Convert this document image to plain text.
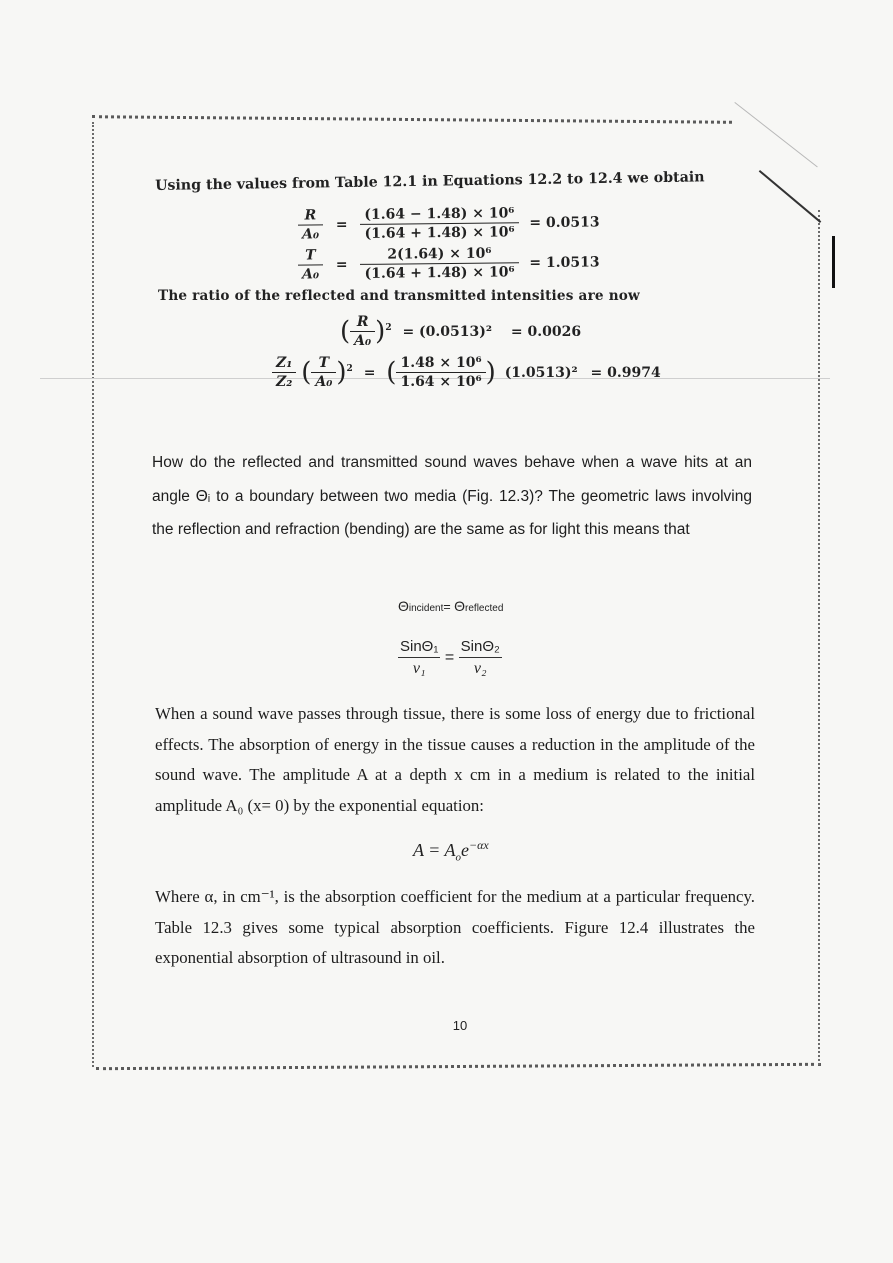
Using the values from Table 12.1 in Equations 12.2 to 12.4 we obtain
$\frac{R}{\text{A₀}} = \frac{\text{(1.64 − 1.48) × 10⁶}}{\text{(1.64 + 1.48) × 10⁶}} = 0.0513$
$\frac{T}{\text{A₀}} = \frac{\text{2(1.64) × 10⁶}}{\text{(1.64 + 1.48) × 10⁶}} = 1.0513$
The ratio of the reflected and transmitted intensities are now
( $\frac{R}{\text{A₀}} )^2 = (0.0513)^2 = 0.0026$
$\frac{\text{Z₁}}{\text{Z₂}}$ ( $\frac{T}{\text{A₀}} )^2$ = ( $\frac{\text{1.48 × 10⁶}}{\text{1.64 × 10⁶}}$ ) (1.0513)² = 0.9974
How do the reflected and transmitted sound waves behave when a wave hits at an angle Θᵢ to a boundary between two media (Fig. 12.3)? The geometric laws involving the reflection and refraction (bending) are the same as for light this means that
Θincident= Θreflected
$\frac{\text{SinΘ₁}}{\text{v₁}} = \frac{\text{SinΘ₂}}{\text{v₂}}$
When a sound wave passes through tissue, there is some loss of energy due to frictional effects. The absorption of energy in the tissue causes a reduction in the amplitude of the sound wave. The amplitude A at a depth x cm in a medium is related to the initial amplitude A₀ (x= 0) by the exponential equation:
$A = A_oe^{-\alpha x}$
Where α, in cm⁻¹, is the absorption coefficient for the medium at a particular frequency. Table 12.3 gives some typical absorption coefficients. Figure 12.4 illustrates the exponential absorption of ultrasound in oil.
10
